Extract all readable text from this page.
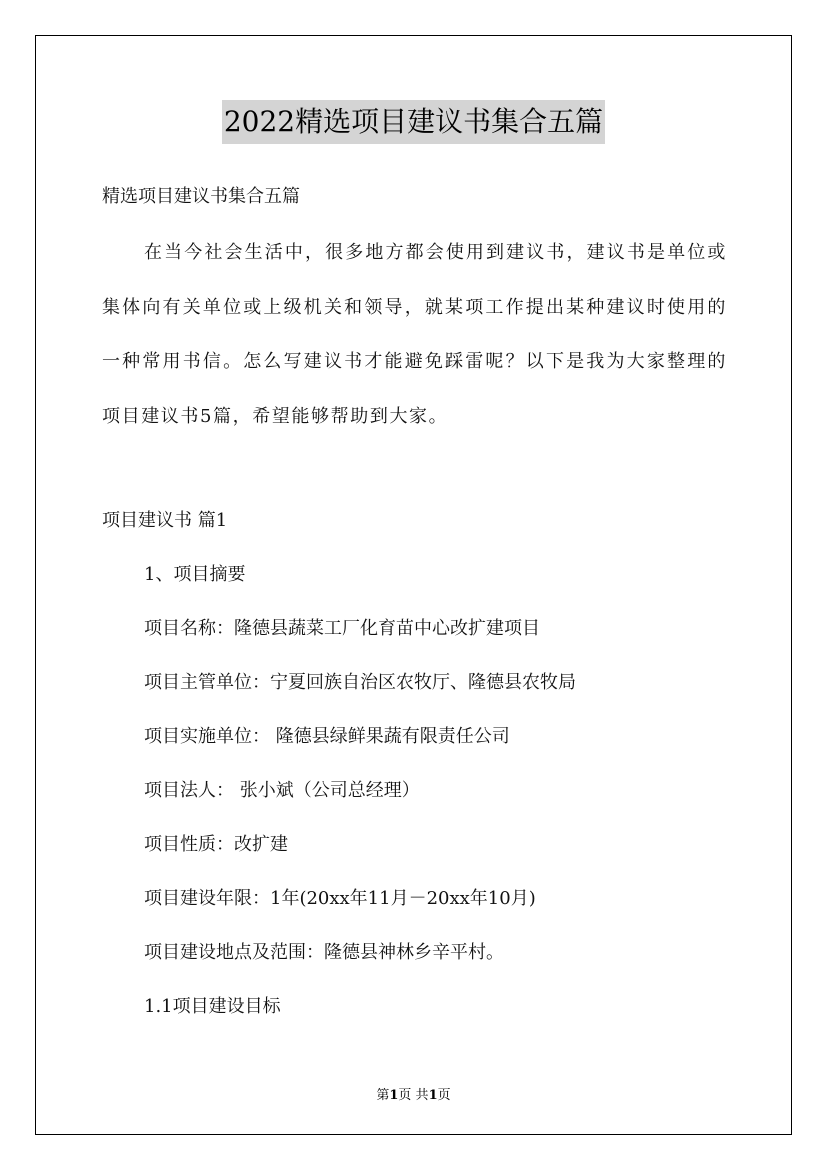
2022精选项目建议书集合五篇
精选项目建议书集合五篇

在当今社会生活中，很多地方都会使用到建议书，建议书是单位或集体向有关单位或上级机关和领导，就某项工作提出某种建议时使用的一种常用书信。怎么写建议书才能避免踩雷呢？以下是我为大家整理的项目建议书5篇，希望能够帮助到大家。

项目建议书 篇1
1、项目摘要
项目名称：隆德县蔬菜工厂化育苗中心改扩建项目
项目主管单位：宁夏回族自治区农牧厅、隆德县农牧局
项目实施单位： 隆德县绿鲜果蔬有限责任公司
项目法人： 张小斌（公司总经理）
项目性质：改扩建
项目建设年限：1年(20xx年11月－20xx年10月)
项目建设地点及范围：隆德县神林乡辛平村。
1.1项目建设目标
第1页 共1页
